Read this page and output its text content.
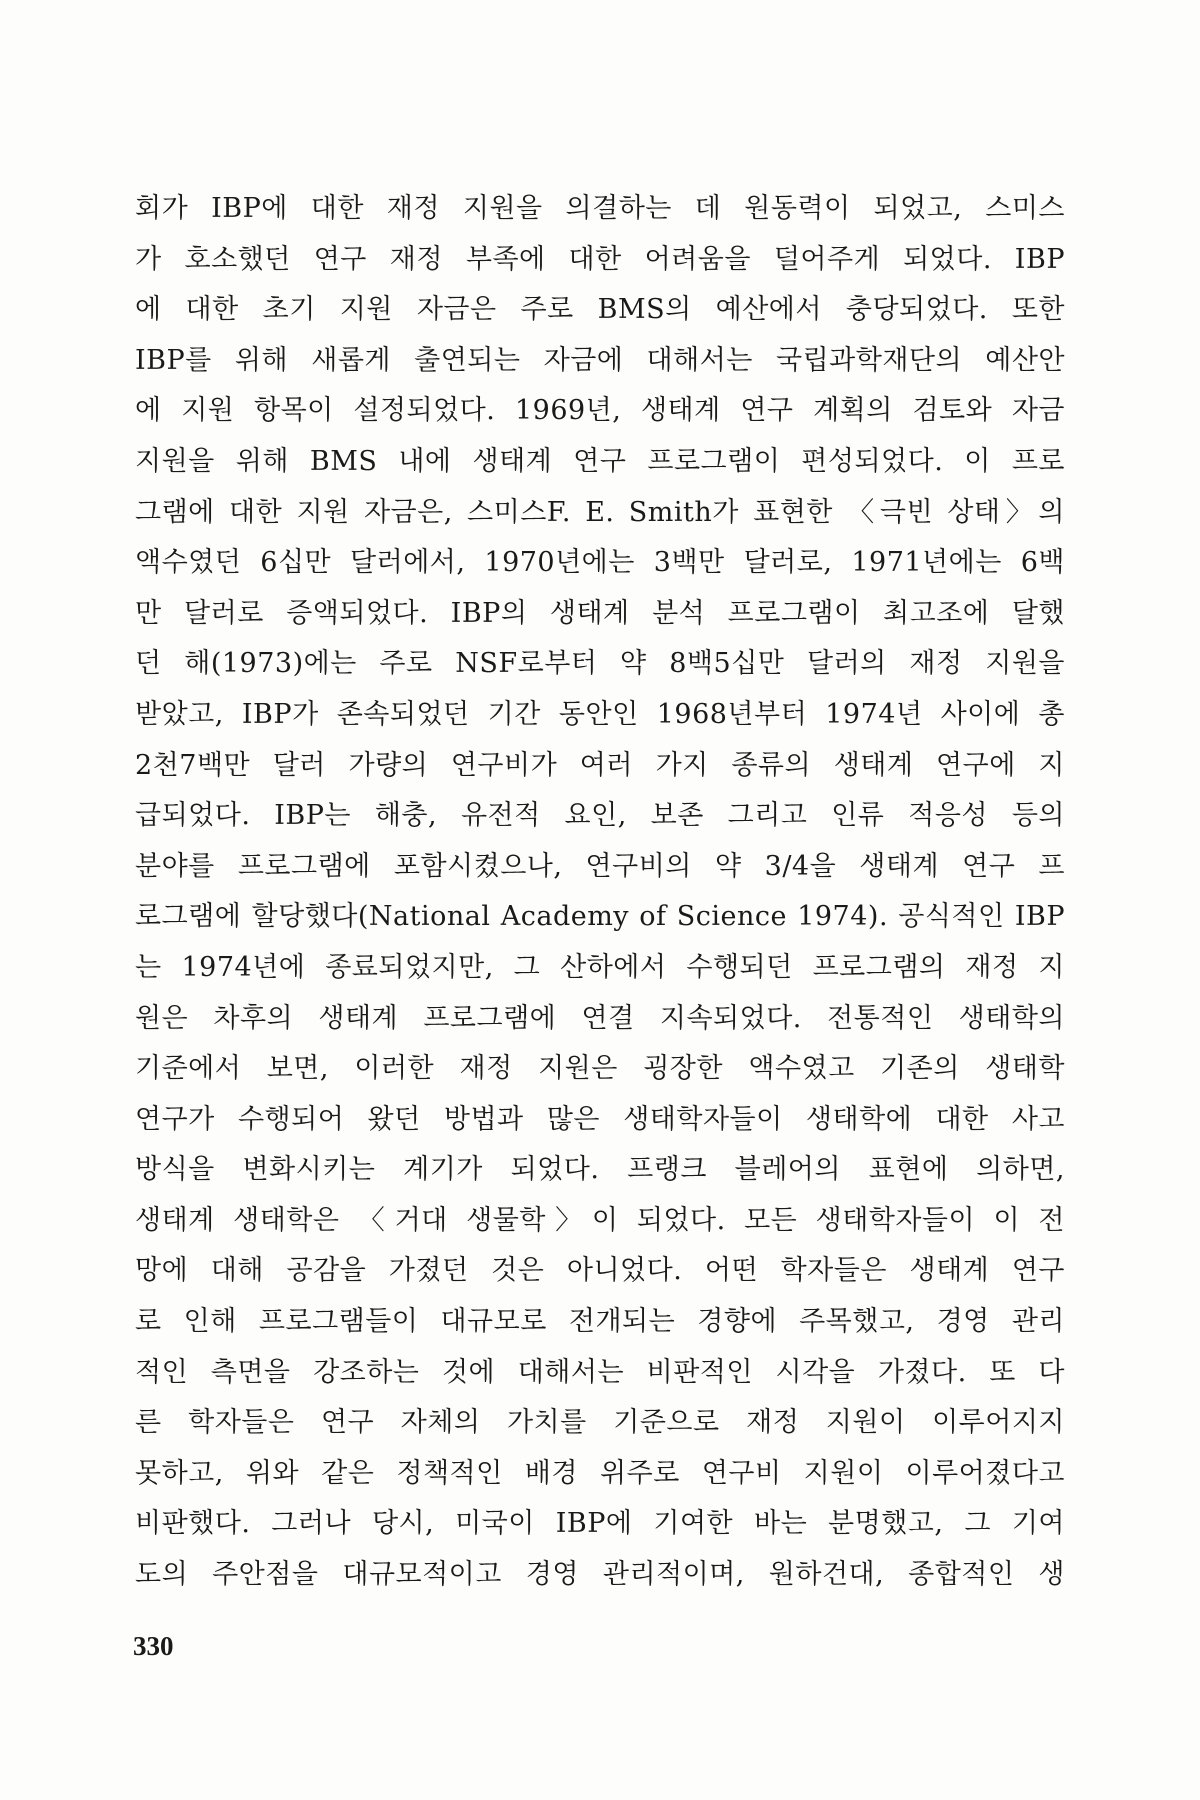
회가 IBP에 대한 재정 지원을 의결하는 데 원동력이 되었고, 스미스
가 호소했던 연구 재정 부족에 대한 어려움을 덜어주게 되었다. IBP
에 대한 초기 지원 자금은 주로 BMS의 예산에서 충당되었다. 또한
IBP를 위해 새롭게 출연되는 자금에 대해서는 국립과학재단의 예산안
에 지원 항목이 설정되었다. 1969년, 생태계 연구 계획의 검토와 자금
지원을 위해 BMS 내에 생태계 연구 프로그램이 편성되었다. 이 프로
그램에 대한 지원 자금은, 스미스F. E. Smith가 표현한 〈극빈 상태〉의
액수였던 6십만 달러에서, 1970년에는 3백만 달러로, 1971년에는 6백
만 달러로 증액되었다. IBP의 생태계 분석 프로그램이 최고조에 달했
던 해(1973)에는 주로 NSF로부터 약 8백5십만 달러의 재정 지원을
받았고, IBP가 존속되었던 기간 동안인 1968년부터 1974년 사이에 총
2천7백만 달러 가량의 연구비가 여러 가지 종류의 생태계 연구에 지
급되었다. IBP는 해충, 유전적 요인, 보존 그리고 인류 적응성 등의
분야를 프로그램에 포함시켰으나, 연구비의 약 3/4을 생태계 연구 프
로그램에 할당했다(National Academy of Science 1974). 공식적인 IBP
는 1974년에 종료되었지만, 그 산하에서 수행되던 프로그램의 재정 지
원은 차후의 생태계 프로그램에 연결 지속되었다. 전통적인 생태학의
기준에서 보면, 이러한 재정 지원은 굉장한 액수였고 기존의 생태학
연구가 수행되어 왔던 방법과 많은 생태학자들이 생태학에 대한 사고
방식을 변화시키는 계기가 되었다. 프랭크 블레어의 표현에 의하면,
생태계 생태학은 〈거대 생물학〉이 되었다. 모든 생태학자들이 이 전
망에 대해 공감을 가졌던 것은 아니었다. 어떤 학자들은 생태계 연구
로 인해 프로그램들이 대규모로 전개되는 경향에 주목했고, 경영 관리
적인 측면을 강조하는 것에 대해서는 비판적인 시각을 가졌다. 또 다
른 학자들은 연구 자체의 가치를 기준으로 재정 지원이 이루어지지
못하고, 위와 같은 정책적인 배경 위주로 연구비 지원이 이루어졌다고
비판했다. 그러나 당시, 미국이 IBP에 기여한 바는 분명했고, 그 기여
도의 주안점을 대규모적이고 경영 관리적이며, 원하건대, 종합적인 생
330
